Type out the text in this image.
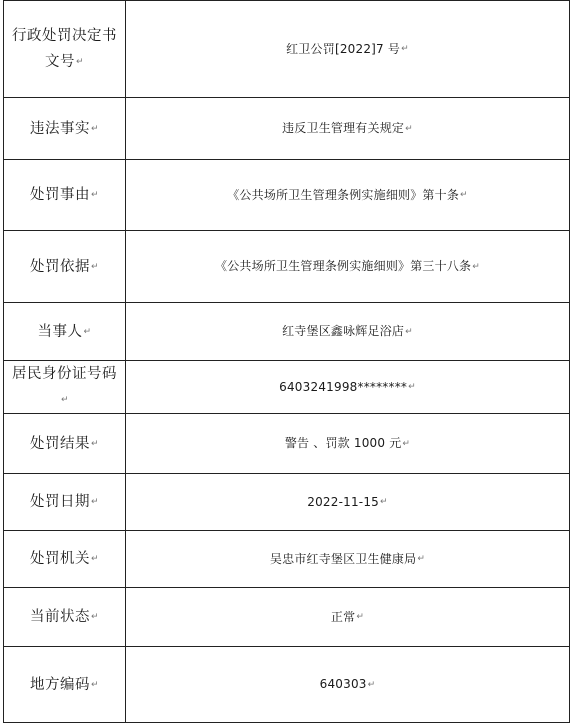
行政处罚决定书文号↵	红卫公罚[2022]7 号↵
违法事实↵	违反卫生管理有关规定↵
处罚事由↵	《公共场所卫生管理条例实施细则》第十条↵
处罚依据↵	《公共场所卫生管理条例实施细则》第三十八条↵
当事人↵	红寺堡区鑫咏辉足浴店↵
居民身份证号码↵	6403241998********↵
处罚结果↵	警告 、罚款 1000 元↵
处罚日期↵	2022-11-15↵
处罚机关↵	吴忠市红寺堡区卫生健康局↵
当前状态↵	正常↵
地方编码↵	640303↵
